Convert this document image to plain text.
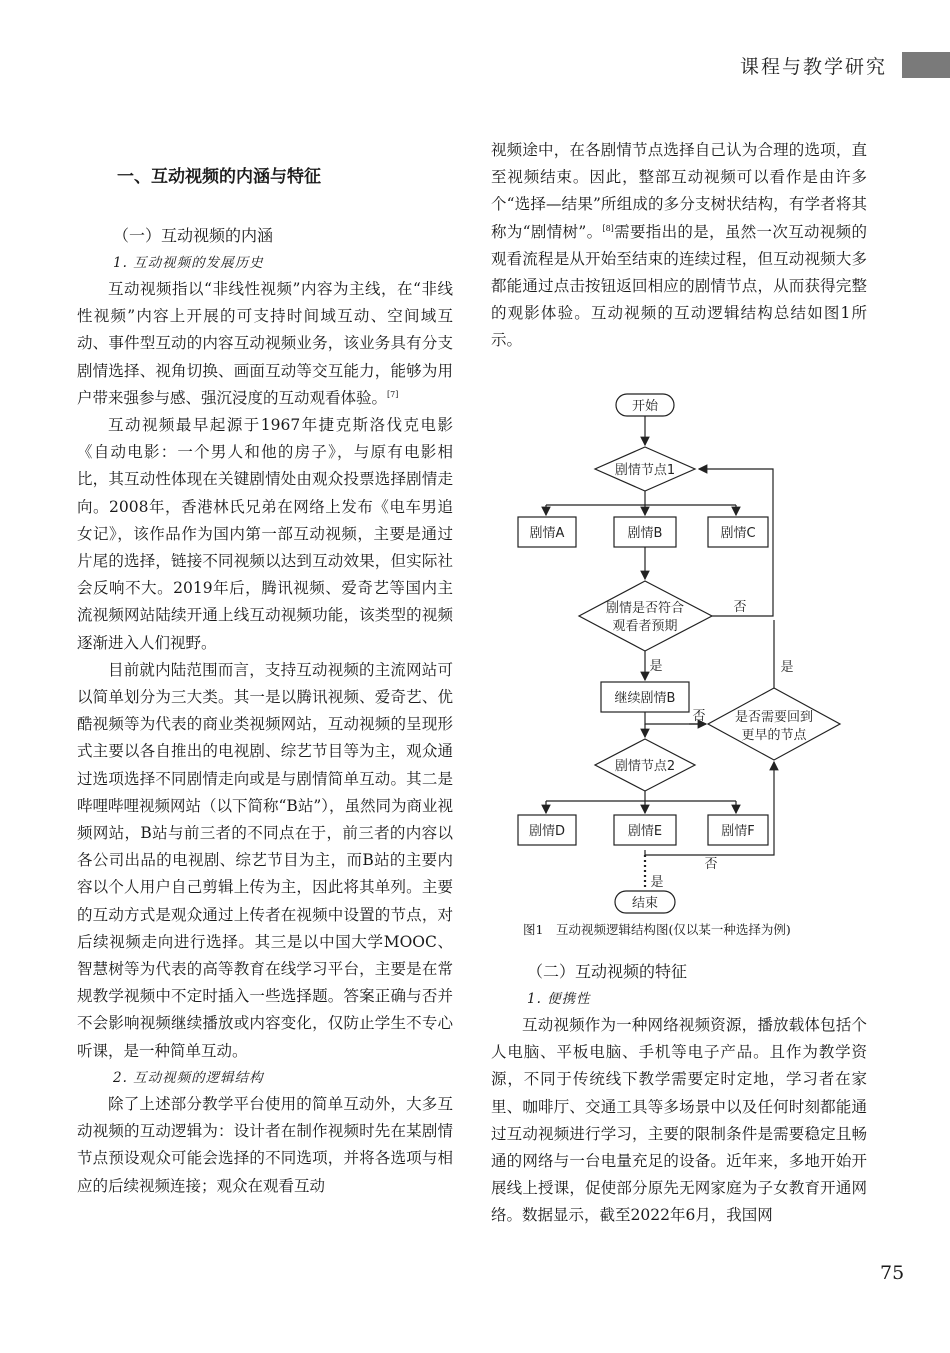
课程与教学研究
一、互动视频的内涵与特征
（一）互动视频的内涵
1. 互动视频的发展历史

互动视频指以“非线性视频”内容为主线，在“非线性视频”内容上开展的可支持时间域互动、空间域互动、事件型互动的内容互动视频业务，该业务具有分支剧情选择、视角切换、画面互动等交互能力，能够为用户带来强参与感、强沉浸度的互动观看体验。[7]

互动视频最早起源于1967年捷克斯洛伐克电影《自动电影：一个男人和他的房子》，与原有电影相比，其互动性体现在关键剧情处由观众投票选择剧情走向。2008年，香港林氏兄弟在网络上发布《电车男追女记》，该作品作为国内第一部互动视频，主要是通过片尾的选择，链接不同视频以达到互动效果，但实际社会反响不大。2019年后，腾讯视频、爱奇艺等国内主流视频网站陆续开通上线互动视频功能，该类型的视频逐渐进入人们视野。

目前就内陆范围而言，支持互动视频的主流网站可以简单划分为三大类。其一是以腾讯视频、爱奇艺、优酷视频等为代表的商业类视频网站，互动视频的呈现形式主要以各自推出的电视剧、综艺节目等为主，观众通过选项选择不同剧情走向或是与剧情简单互动。其二是哔哩哔哩视频网站（以下简称“B站”），虽然同为商业视频网站，B站与前三者的不同点在于，前三者的内容以各公司出品的电视剧、综艺节目为主，而B站的主要内容以个人用户自己剪辑上传为主，因此将其单列。主要的互动方式是观众通过上传者在视频中设置的节点，对后续视频走向进行选择。其三是以中国大学MOOC、智慧树等为代表的高等教育在线学习平台，主要是在常规教学视频中不定时插入一些选择题。答案正确与否并不会影响视频继续播放或内容变化，仅防止学生不专心听课，是一种简单互动。

2. 互动视频的逻辑结构

除了上述部分教学平台使用的简单互动外，大多互动视频的互动逻辑为：设计者在制作视频时先在某剧情节点预设观众可能会选择的不同选项，并将各选项与相应的后续视频连接；观众在观看互动

视频途中，在各剧情节点选择自己认为合理的选项，直至视频结束。因此，整部互动视频可以看作是由许多个“选择—结果”所组成的多分支树状结构，有学者将其称为“剧情树”。[8]需要指出的是，虽然一次互动视频的观看流程是从开始至结束的连续过程，但互动视频大多都能通过点击按钮返回相应的剧情节点，从而获得完整的观影体验。互动视频的互动逻辑结构总结如图1所示。

开始
剧情节点1
剧情A	剧情B	剧情C
剧情是否符合
观看者预期
否
是	是
继续剧情B
否 是否需要回到
更早的节点
剧情节点2
剧情D	剧情E	剧情F
否
是
结束
图1　互动视频逻辑结构图(仅以某一种选择为例)
（二）互动视频的特征
1. 便携性

互动视频作为一种网络视频资源，播放载体包括个人电脑、平板电脑、手机等电子产品。且作为教学资源，不同于传统线下教学需要定时定地，学习者在家里、咖啡厅、交通工具等多场景中以及任何时刻都能通过互动视频进行学习，主要的限制条件是需要稳定且畅通的网络与一台电量充足的设备。近年来，多地开始开展线上授课，促使部分原先无网家庭为子女教育开通网络。数据显示，截至2022年6月，我国网

75
